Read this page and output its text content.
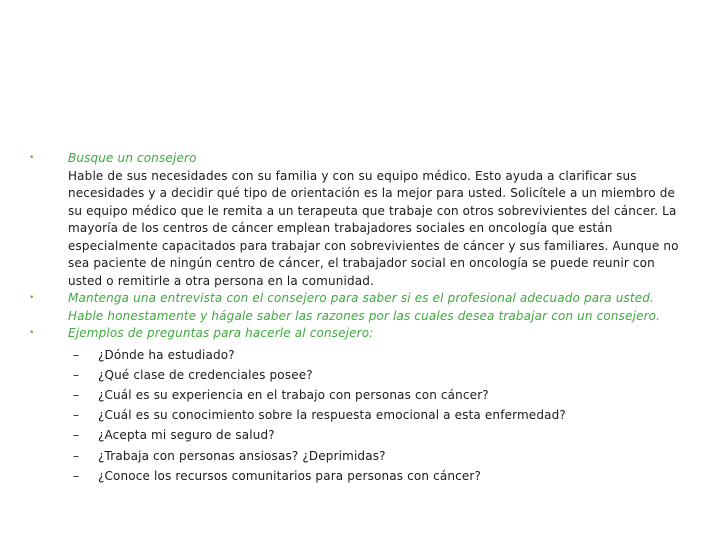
•	Busque un consejero
Hable de sus necesidades con su familia y con su equipo médico. Esto ayuda a clarificar sus necesidades y a decidir qué tipo de orientación es la mejor para usted. Solicítele a un miembro de su equipo médico que le remita a un terapeuta que trabaje con otros sobrevivientes del cáncer. La mayoría de los centros de cáncer emplean trabajadores sociales en oncología que están especialmente capacitados para trabajar con sobrevivientes de cáncer y sus familiares. Aunque no sea paciente de ningún centro de cáncer, el trabajador social en oncología se puede reunir con usted o remitirle a otra persona en la comunidad.
•	Mantenga una entrevista con el consejero para saber si es el profesional adecuado para usted. Hable honestamente y hágale saber las razones por las cuales desea trabajar con un consejero.
•	Ejemplos de preguntas para hacerle al consejero:
– ¿Dónde ha estudiado?
– ¿Qué clase de credenciales posee?
– ¿Cuál es su experiencia en el trabajo con personas con cáncer?
– ¿Cuál es su conocimiento sobre la respuesta emocional a esta enfermedad?
– ¿Acepta mi seguro de salud?
– ¿Trabaja con personas ansiosas? ¿Deprimidas?
– ¿Conoce los recursos comunitarios para personas con cáncer?
